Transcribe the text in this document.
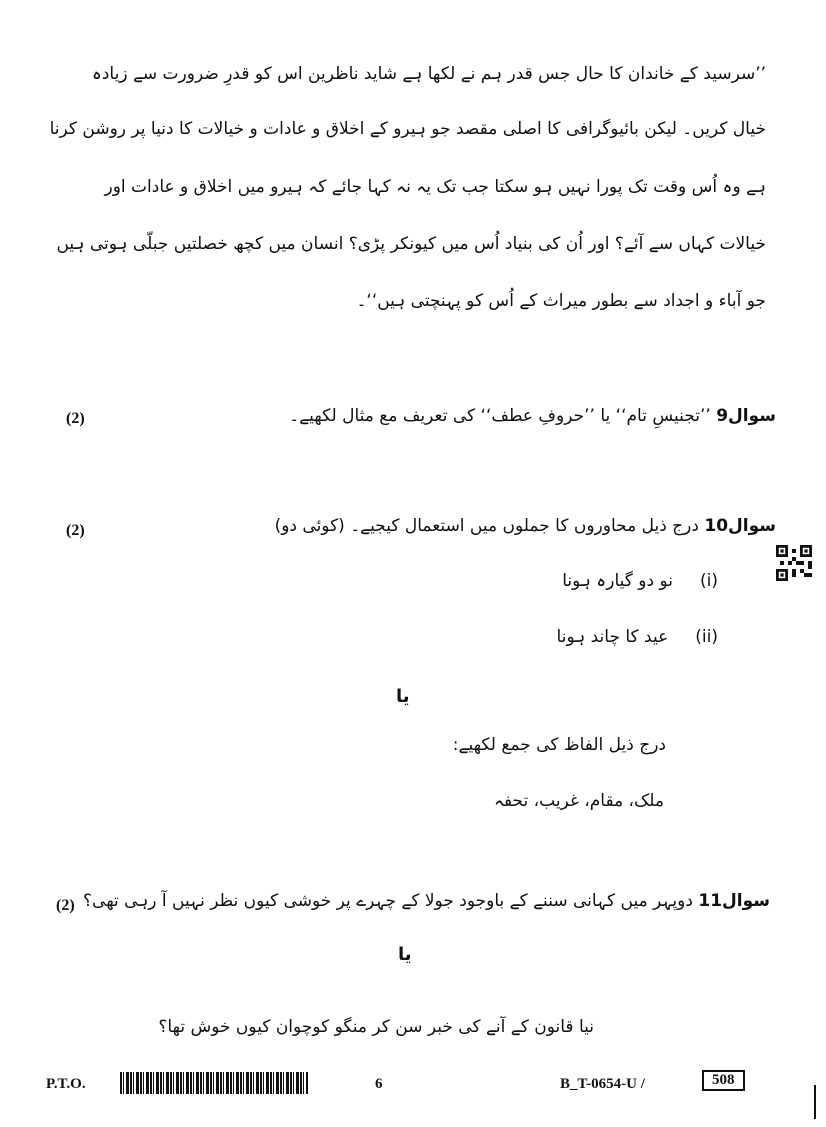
’’سرسید کے خاندان کا حال جس قدر ہم نے لکھا ہے شاید ناظرین اس کو قدرِ ضرورت سے زیادہ
خیال کریں۔ لیکن بائیوگرافی کا اصلی مقصد جو ہیرو کے اخلاق و عادات و خیالات کا دنیا پر روشن کرنا
ہے وہ اُس وقت تک پورا نہیں ہو سکتا جب تک یہ نہ کہا جائے کہ ہیرو میں اخلاق و عادات اور
خیالات کہاں سے آئے؟ اور اُن کی بنیاد اُس میں کیونکر پڑی؟ انسان میں کچھ خصلتیں جبلّی ہوتی ہیں
جو آباء و اجداد سے بطور میراث کے اُس کو پہنچتی ہیں‘‘۔
(2)	سوال9 ’’تجنیسِ تام‘‘ یا ’’حروفِ عطف‘‘ کی تعریف مع مثال لکھیے۔
(2)	سوال10 درج ذیل محاوروں کا جملوں میں استعمال کیجیے۔ (کوئی دو)
(i)     نو دو گیارہ ہونا
(ii)     عید کا چاند ہونا
یا
درج ذیل الفاظ کی جمع لکھیے:
ملک، مقام، غریب، تحفہ
(2)	سوال11 دوپہر میں کہانی سننے کے باوجود جولا کے چہرے پر خوشی کیوں نظر نہیں آ رہی تھی؟
یا
نیا قانون کے آنے کی خبر سن کر منگو کوچوان کیوں خوش تھا؟
P.T.O.	6	B_T-0654-U /	508
